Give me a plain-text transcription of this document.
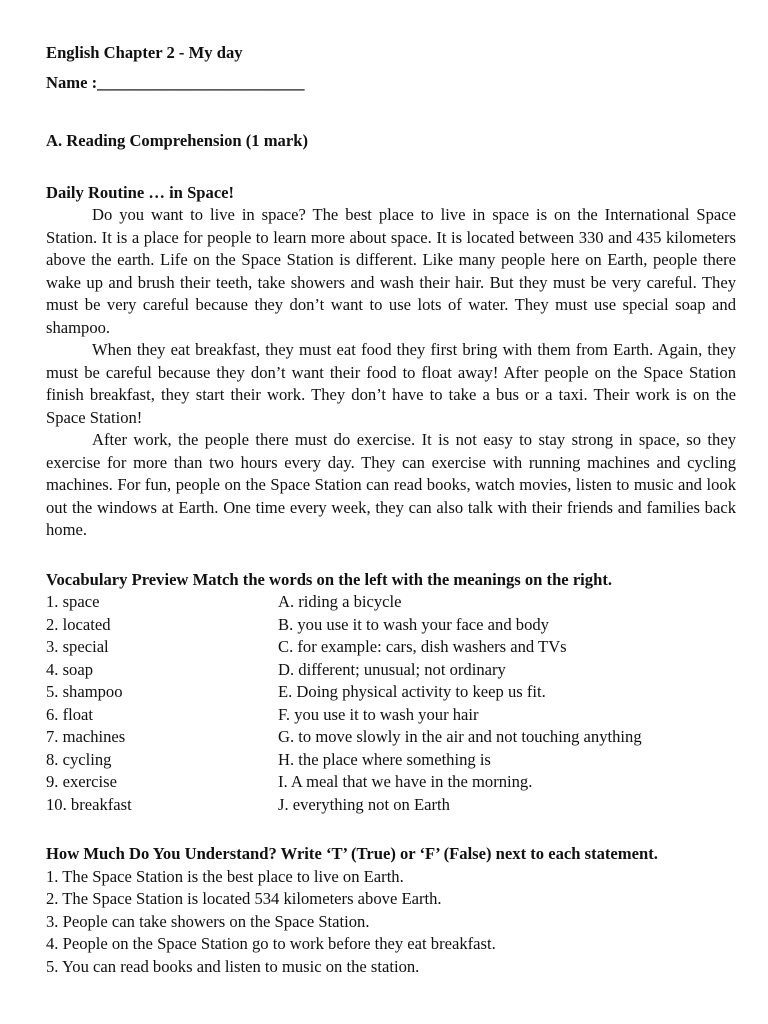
English Chapter 2 - My day
Name :_________________________
A. Reading Comprehension (1 mark)
Daily Routine … in Space!

Do you want to live in space? The best place to live in space is on the International Space Station. It is a place for people to learn more about space. It is located between 330 and 435 kilometers above the earth. Life on the Space Station is different. Like many people here on Earth, people there wake up and brush their teeth, take showers and wash their hair. But they must be very careful. They must be very careful because they don’t want to use lots of water. They must use special soap and shampoo.

When they eat breakfast, they must eat food they first bring with them from Earth. Again, they must be careful because they don’t want their food to float away! After people on the Space Station finish breakfast, they start their work. They don’t have to take a bus or a taxi. Their work is on the Space Station!

After work, the people there must do exercise. It is not easy to stay strong in space, so they exercise for more than two hours every day. They can exercise with running machines and cycling machines. For fun, people on the Space Station can read books, watch movies, listen to music and look out the windows at Earth. One time every week, they can also talk with their friends and families back home.

Vocabulary Preview Match the words on the left with the meanings on the right.
1. space	A. riding a bicycle
2. located	B. you use it to wash your face and body
3. special	C. for example: cars, dish washers and TVs
4. soap	D. different; unusual; not ordinary
5. shampoo	E. Doing physical activity to keep us fit.
6. float	F. you use it to wash your hair
7. machines	G. to move slowly in the air and not touching anything
8. cycling	H. the place where something is
9. exercise	I. A meal that we have in the morning.
10. breakfast	J. everything not on Earth
How Much Do You Understand? Write ‘T’ (True) or ‘F’ (False) next to each statement.
1. The Space Station is the best place to live on Earth.
2. The Space Station is located 534 kilometers above Earth.
3. People can take showers on the Space Station.
4. People on the Space Station go to work before they eat breakfast.
5. You can read books and listen to music on the station.
